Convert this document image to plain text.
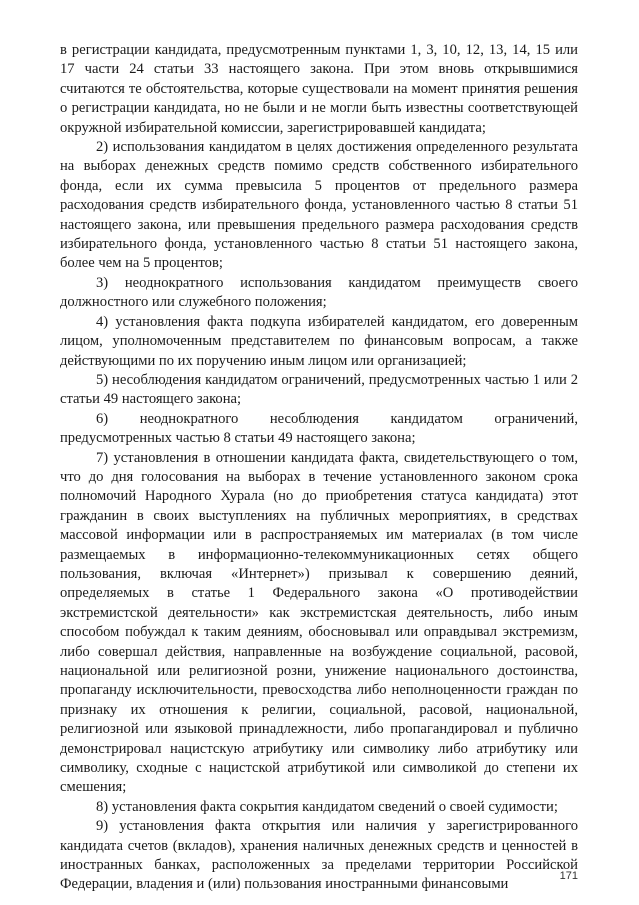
в регистрации кандидата, предусмотренным пунктами 1, 3, 10, 12, 13, 14, 15 или 17 части 24 статьи 33 настоящего закона. При этом вновь открывшимися считаются те обстоятельства, которые существовали на момент принятия решения о регистрации кандидата, но не были и не могли быть известны соответствующей окружной избирательной комиссии, зарегистрировавшей кандидата;

2) использования кандидатом в целях достижения определенного результата на выборах денежных средств помимо средств собственного избирательного фонда, если их сумма превысила 5 процентов от предельного размера расходования средств избирательного фонда, установленного частью 8 статьи 51 настоящего закона, или превышения предельного размера расходования средств избирательного фонда, установленного частью 8 статьи 51 настоящего закона, более чем на 5 процентов;

3) неоднократного использования кандидатом преимуществ своего должностного или служебного положения;

4) установления факта подкупа избирателей кандидатом, его доверенным лицом, уполномоченным представителем по финансовым вопросам, а также действующими по их поручению иным лицом или организацией;

5) несоблюдения кандидатом ограничений, предусмотренных частью 1 или 2 статьи 49 настоящего закона;

6) неоднократного несоблюдения кандидатом ограничений, предусмотренных частью 8 статьи 49 настоящего закона;

7) установления в отношении кандидата факта, свидетельствующего о том, что до дня голосования на выборах в течение установленного законом срока полномочий Народного Хурала (но до приобретения статуса кандидата) этот гражданин в своих выступлениях на публичных мероприятиях, в средствах массовой информации или в распространяемых им материалах (в том числе размещаемых в информационно-телекоммуникационных сетях общего пользования, включая «Интернет») призывал к совершению деяний, определяемых в статье 1 Федерального закона «О противодействии экстремистской деятельности» как экстремистская деятельность, либо иным способом побуждал к таким деяниям, обосновывал или оправдывал экстремизм, либо совершал действия, направленные на возбуждение социальной, расовой, национальной или религиозной розни, унижение национального достоинства, пропаганду исключительности, превосходства либо неполноценности граждан по признаку их отношения к религии, социальной, расовой, национальной, религиозной или языковой принадлежности, либо пропагандировал и публично демонстрировал нацистскую атрибутику или символику либо атрибутику или символику, сходные с нацистской атрибутикой или символикой до степени их смешения;

8) установления факта сокрытия кандидатом сведений о своей судимости;

9) установления факта открытия или наличия у зарегистрированного кандидата счетов (вкладов), хранения наличных денежных средств и ценностей в иностранных банках, расположенных за пределами территории Российской Федерации, владения и (или) пользования иностранными финансовыми

171
